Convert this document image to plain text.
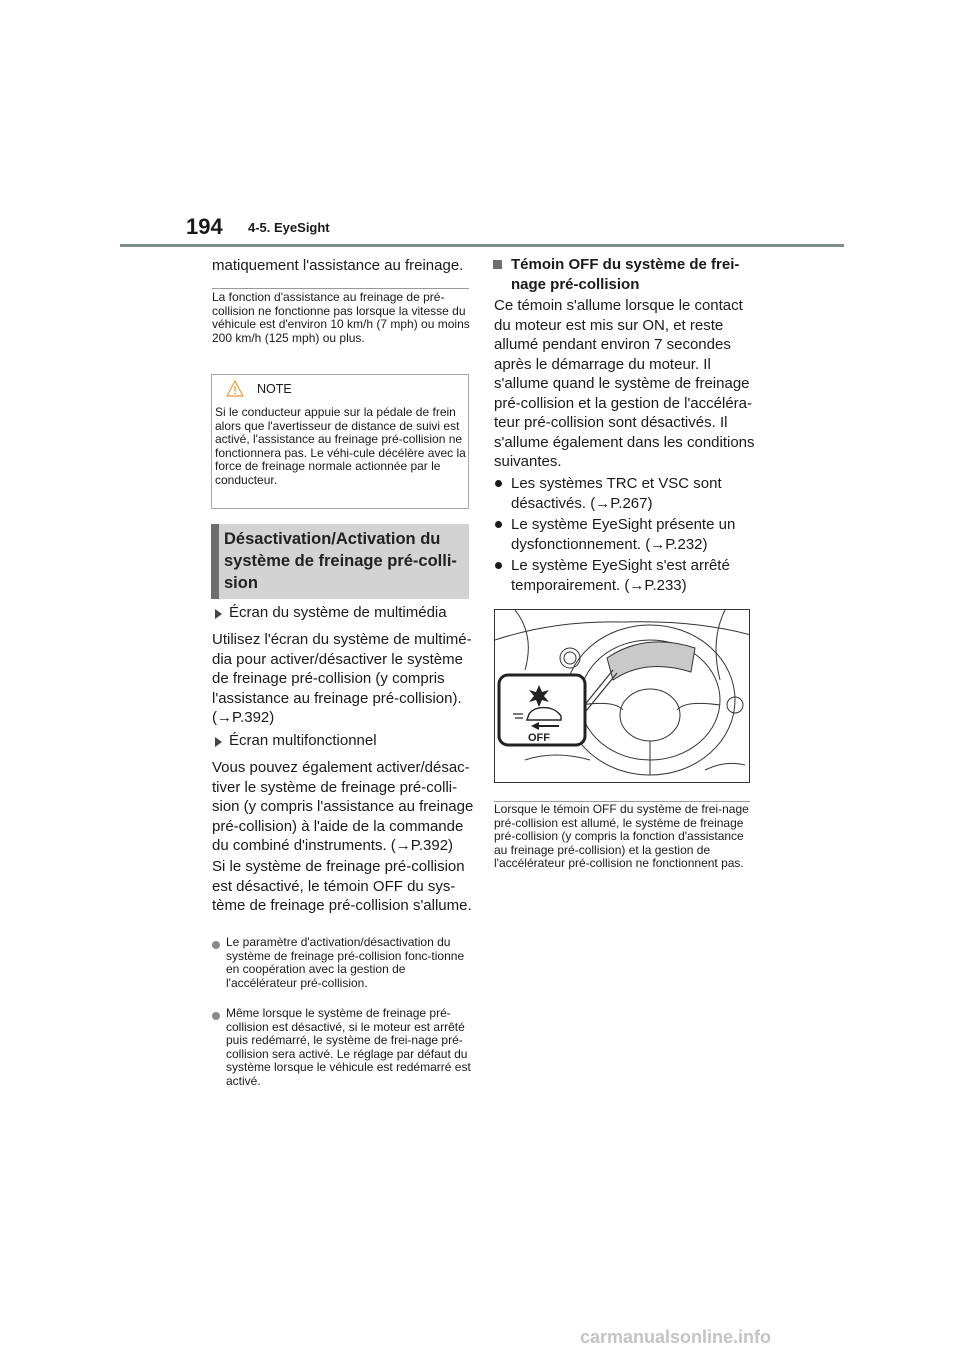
194 4-5. EyeSight
matiquement l'assistance au freinage.
La fonction d'assistance au freinage de pré-collision ne fonctionne pas lorsque la vitesse du véhicule est d'environ 10 km/h (7 mph) ou moins 200 km/h (125 mph) ou plus.
NOTE
Si le conducteur appuie sur la pédale de frein alors que l'avertisseur de distance de suivi est activé, l'assistance au freinage pré-collision ne fonctionnera pas. Le véhi-cule décélère avec la force de freinage normale actionnée par le conducteur.
Désactivation/Activation du système de freinage pré-colli-sion
Écran du système de multimédia
Utilisez l'écran du système de multimé-dia pour activer/désactiver le système de freinage pré-collision (y compris l'assistance au freinage pré-collision). (→P.392)
Écran multifonctionnel
Vous pouvez également activer/désac-tiver le système de freinage pré-colli-sion (y compris l'assistance au freinage pré-collision) à l'aide de la commande du combiné d'instruments. (→P.392)
Si le système de freinage pré-collision est désactivé, le témoin OFF du sys-tème de freinage pré-collision s'allume.
Le paramètre d'activation/désactivation du système de freinage pré-collision fonc-tionne en coopération avec la gestion de l'accélérateur pré-collision.
Même lorsque le système de freinage pré-collision est désactivé, si le moteur est arrêté puis redémarré, le système de frei-nage pré-collision sera activé. Le réglage par défaut du système lorsque le véhicule est redémarré est activé.
Témoin OFF du système de frei-nage pré-collision
Ce témoin s'allume lorsque le contact du moteur est mis sur ON, et reste allumé pendant environ 7 secondes après le démarrage du moteur. Il s'allume quand le système de freinage pré-collision et la gestion de l'accéléra-teur pré-collision sont désactivés. Il s'allume également dans les conditions suivantes.
Les systèmes TRC et VSC sont désactivés. (→P.267)
Le système EyeSight présente un dysfonctionnement. (→P.232)
Le système EyeSight s'est arrêté temporairement. (→P.233)
OFF
Lorsque le témoin OFF du système de frei-nage pré-collision est allumé, le système de freinage pré-collision (y compris la fonction d'assistance au freinage pré-collision) et la gestion de l'accélérateur pré-collision ne fonctionnent pas.
carmanualsonline.info
